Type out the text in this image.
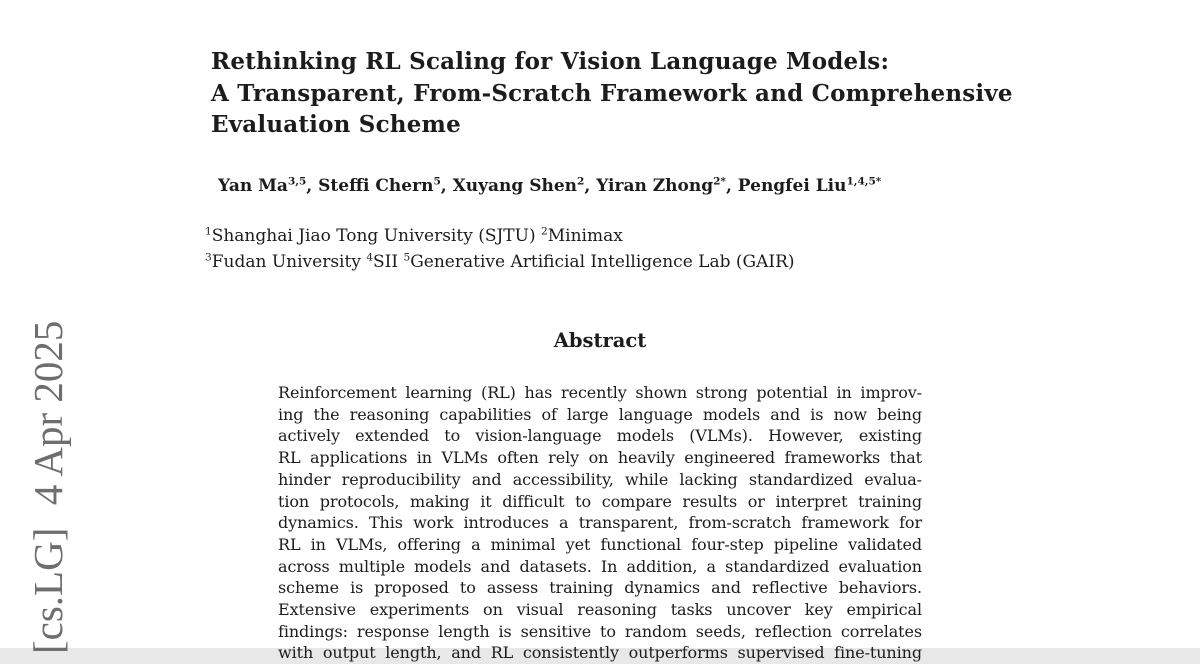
[cs.LG]4 Apr 2025
Rethinking RL Scaling for Vision Language Models:
A Transparent, From-Scratch Framework and Comprehensive
Evaluation Scheme
Yan Ma$^{3,5}$, Steffi Chern$^5$, Xuyang Shen$^2$, Yiran Zhong$^{2*}$, Pengfei Liu$^{1,4,5*}$
$^1$Shanghai Jiao Tong University (SJTU) $^2$Minimax
$^3$Fudan University $^4$SII $^5$Generative Artificial Intelligence Lab (GAIR)
Abstract
Reinforcement learning (RL) has recently shown strong potential in improv-
ing the reasoning capabilities of large language models and is now being
actively extended to vision-language models (VLMs). However, existing
RL applications in VLMs often rely on heavily engineered frameworks that
hinder reproducibility and accessibility, while lacking standardized evalua-
tion protocols, making it difficult to compare results or interpret training
dynamics. This work introduces a transparent, from-scratch framework for
RL in VLMs, offering a minimal yet functional four-step pipeline validated
across multiple models and datasets. In addition, a standardized evaluation
scheme is proposed to assess training dynamics and reflective behaviors.
Extensive experiments on visual reasoning tasks uncover key empirical
findings: response length is sensitive to random seeds, reflection correlates
with output length, and RL consistently outperforms supervised fine-tuning
